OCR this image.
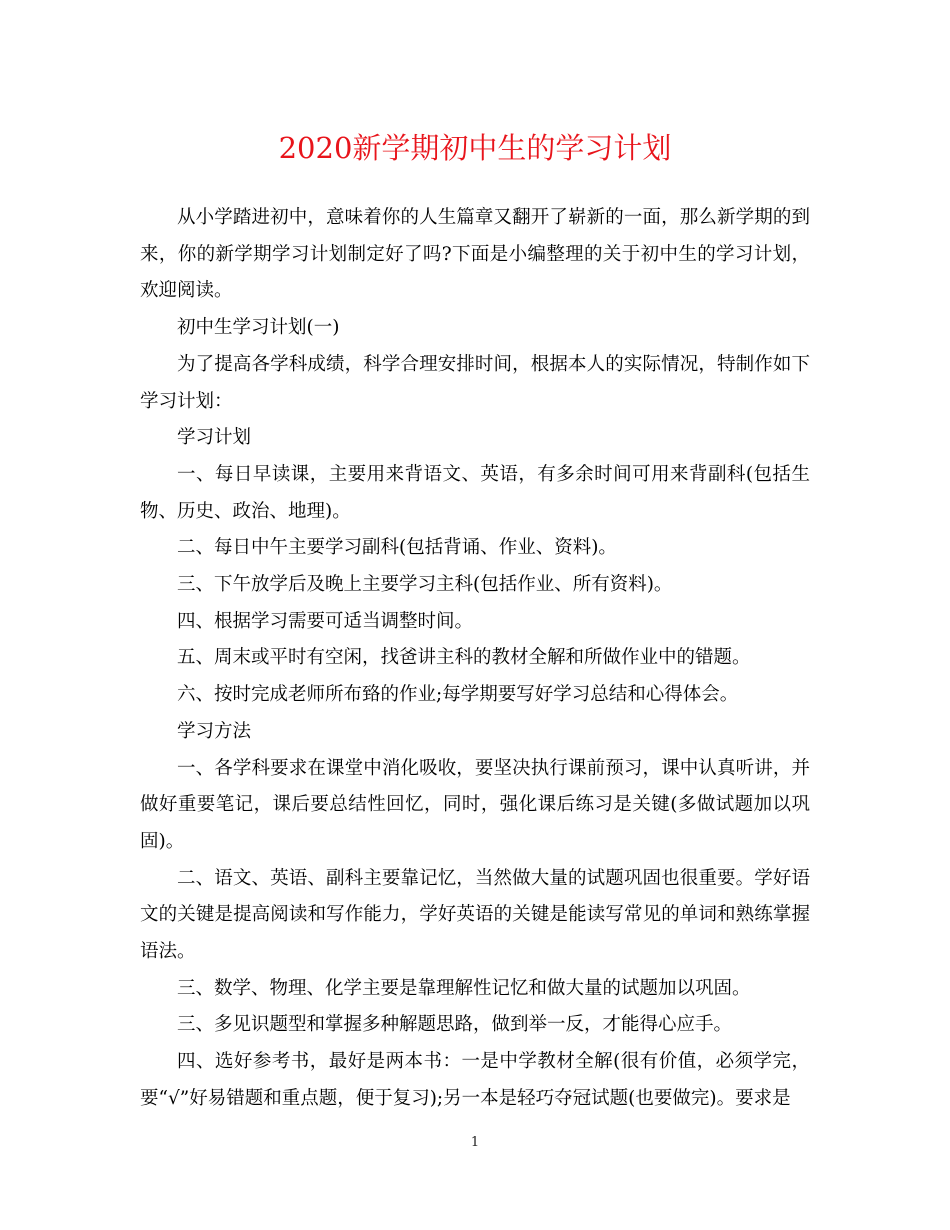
2020新学期初中生的学习计划

从小学踏进初中，意味着你的人生篇章又翻开了崭新的一面，那么新学期的到来，你的新学期学习计划制定好了吗?下面是小编整理的关于初中生的学习计划，欢迎阅读。

初中生学习计划(一)

为了提高各学科成绩，科学合理安排时间，根据本人的实际情况，特制作如下学习计划：

学习计划

一、每日早读课，主要用来背语文、英语，有多余时间可用来背副科(包括生物、历史、政治、地理)。

二、每日中午主要学习副科(包括背诵、作业、资料)。

三、下午放学后及晚上主要学习主科(包括作业、所有资料)。

四、根据学习需要可适当调整时间。

五、周末或平时有空闲，找爸讲主科的教材全解和所做作业中的错题。

六、按时完成老师所布臵的作业;每学期要写好学习总结和心得体会。

学习方法

一、各学科要求在课堂中消化吸收，要坚决执行课前预习，课中认真听讲，并做好重要笔记，课后要总结性回忆，同时，强化课后练习是关键(多做试题加以巩固)。

二、语文、英语、副科主要靠记忆，当然做大量的试题巩固也很重要。学好语文的关键是提高阅读和写作能力，学好英语的关键是能读写常见的单词和熟练掌握语法。

三、数学、物理、化学主要是靠理解性记忆和做大量的试题加以巩固。

三、多见识题型和掌握多种解题思路，做到举一反，才能得心应手。

四、选好参考书，最好是两本书：一是中学教材全解(很有价值，必须学完，要“√”好易错题和重点题，便于复习);另一本是轻巧夺冠试题(也要做完)。要求是

1
